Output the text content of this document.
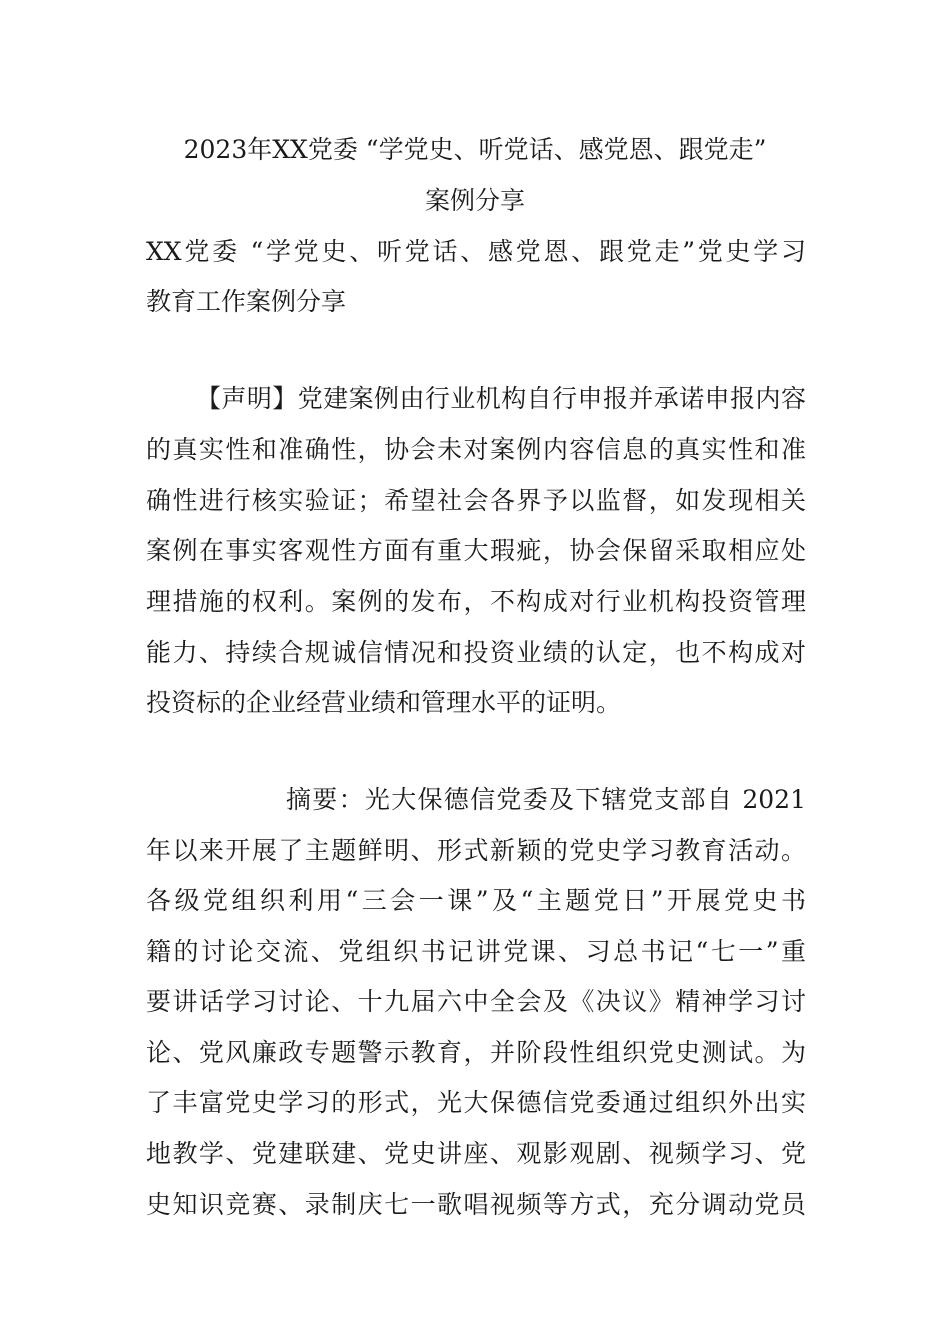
2023年XX党委 “学党史、听党话、感党恩、跟党走”
案例分享
XX党委 “学党史、听党话、感党恩、跟党走”党史学习
教育工作案例分享
【声明】党建案例由行业机构自行申报并承诺申报内容
的真实性和准确性，协会未对案例内容信息的真实性和准
确性进行核实验证；希望社会各界予以监督，如发现相关
案例在事实客观性方面有重大瑕疵，协会保留采取相应处
理措施的权利。案例的发布，不构成对行业机构投资管理
能力、持续合规诚信情况和投资业绩的认定，也不构成对
投资标的企业经营业绩和管理水平的证明。
摘要：光大保德信党委及下辖党支部自 2021
年以来开展了主题鲜明、形式新颖的党史学习教育活动。
各级党组织利用“三会一课”及“主题党日”开展党史书
籍的讨论交流、党组织书记讲党课、习总书记“七一”重
要讲话学习讨论、十九届六中全会及《决议》精神学习讨
论、党风廉政专题警示教育，并阶段性组织党史测试。为
了丰富党史学习的形式，光大保德信党委通过组织外出实
地教学、党建联建、党史讲座、观影观剧、视频学习、党
史知识竞赛、录制庆七一歌唱视频等方式，充分调动党员
